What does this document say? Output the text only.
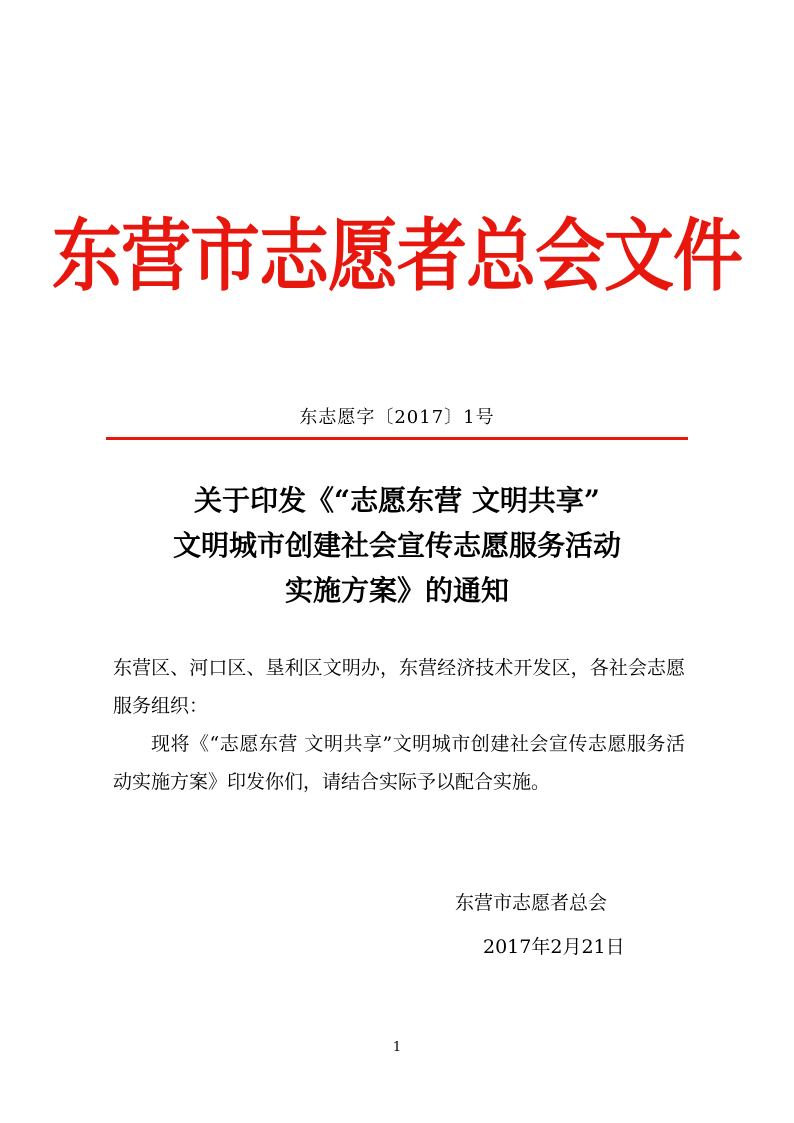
东营市志愿者总会文件
东志愿字〔2017〕1号
关于印发《“志愿东营 文明共享”
文明城市创建社会宣传志愿服务活动
实施方案》的通知

东营区、河口区、垦利区文明办，东营经济技术开发区，各社会志愿服务组织：

现将《“志愿东营 文明共享”文明城市创建社会宣传志愿服务活动实施方案》印发你们，请结合实际予以配合实施。

东营市志愿者总会
2017年2月21日
1
